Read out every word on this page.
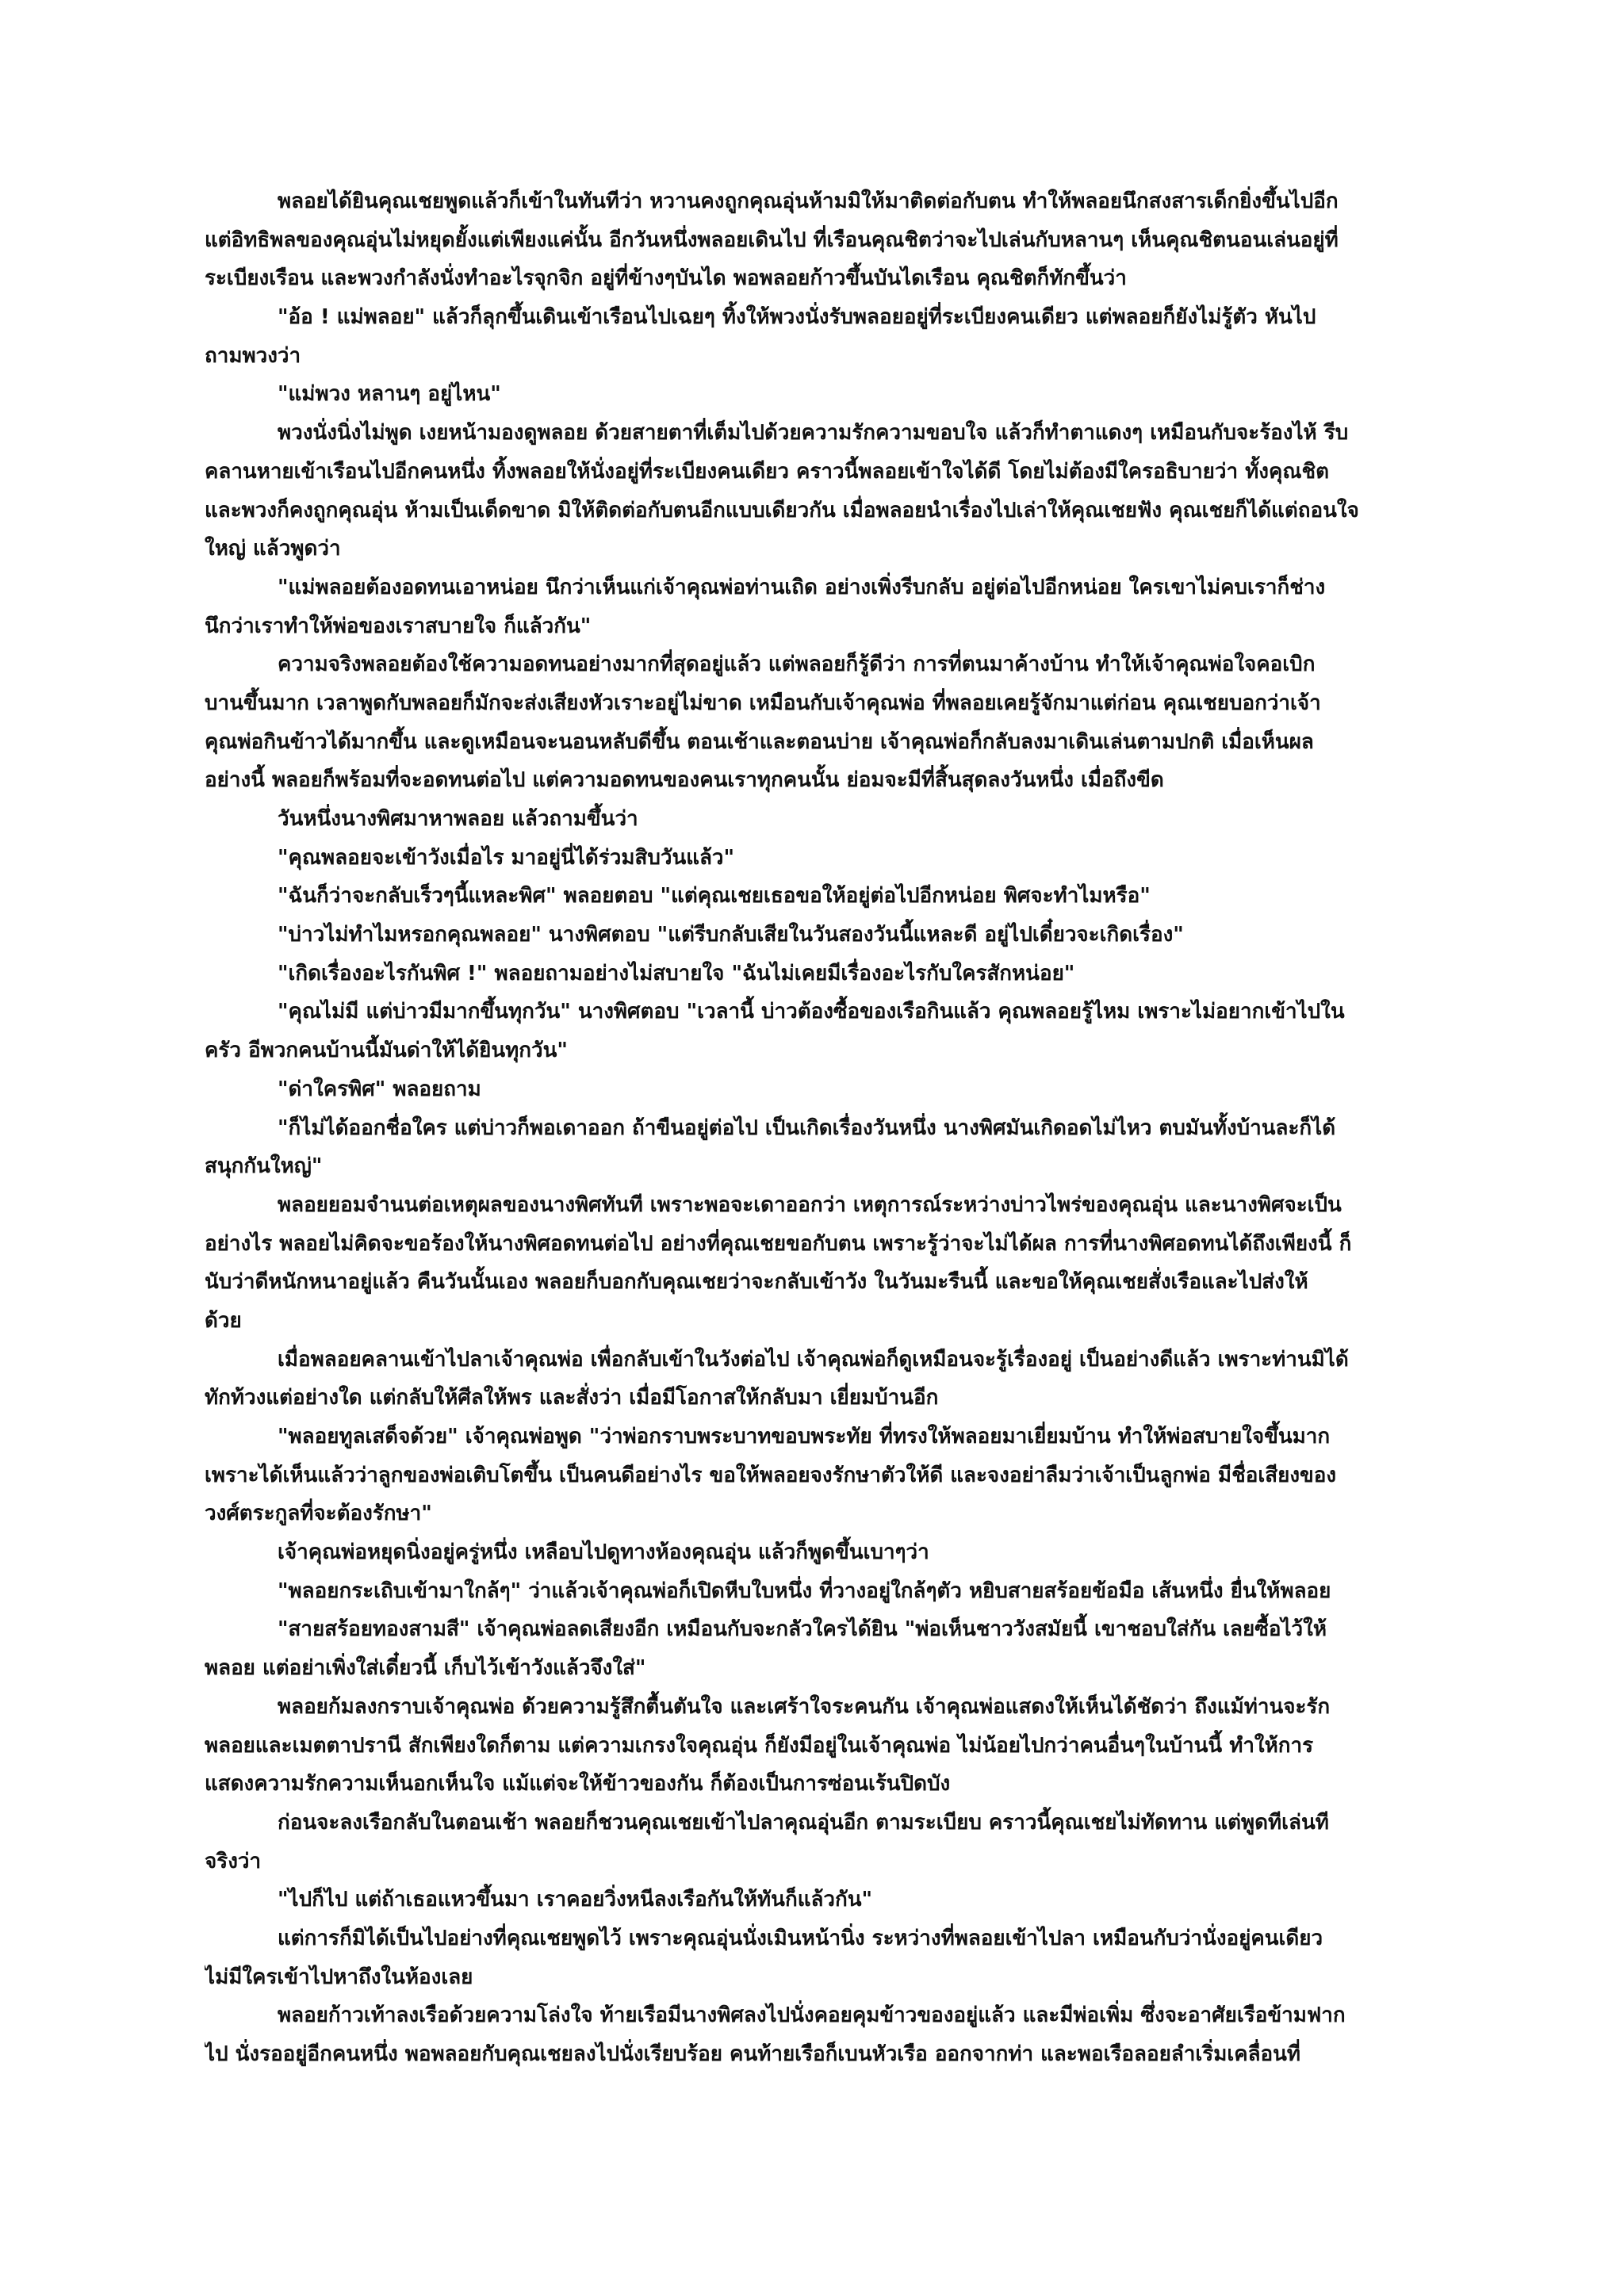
พลอยได้ยินคุณเชยพูดแล้วก็เข้าในทันทีว่า หวานคงถูกคุณอุ่นห้ามมิให้มาติดต่อกับตน ทำให้พลอยนึกสงสารเด็กยิ่งขึ้นไปอีก
แต่อิทธิพลของคุณอุ่นไม่หยุดยั้งแต่เพียงแค่นั้น อีกวันหนึ่งพลอยเดินไป ที่เรือนคุณชิตว่าจะไปเล่นกับหลานๆ เห็นคุณชิตนอนเล่นอยู่ที่
ระเบียงเรือน และพวงกำลังนั่งทำอะไรจุกจิก อยู่ที่ข้างๆบันได พอพลอยก้าวขึ้นบันไดเรือน คุณชิตก็ทักขึ้นว่า
"อ้อ ! แม่พลอย" แล้วก็ลุกขึ้นเดินเข้าเรือนไปเฉยๆ ทิ้งให้พวงนั่งรับพลอยอยู่ที่ระเบียงคนเดียว แต่พลอยก็ยังไม่รู้ตัว หันไป
ถามพวงว่า
"แม่พวง หลานๆ อยู่ไหน"
พวงนั่งนิ่งไม่พูด เงยหน้ามองดูพลอย ด้วยสายตาที่เต็มไปด้วยความรักความขอบใจ แล้วก็ทำตาแดงๆ เหมือนกับจะร้องไห้ รีบ
คลานหายเข้าเรือนไปอีกคนหนึ่ง ทิ้งพลอยให้นั่งอยู่ที่ระเบียงคนเดียว คราวนี้พลอยเข้าใจได้ดี โดยไม่ต้องมีใครอธิบายว่า ทั้งคุณชิต
และพวงก็คงถูกคุณอุ่น ห้ามเป็นเด็ดขาด มิให้ติดต่อกับตนอีกแบบเดียวกัน เมื่อพลอยนำเรื่องไปเล่าให้คุณเชยฟัง คุณเชยก็ได้แต่ถอนใจ
ใหญ่ แล้วพูดว่า
"แม่พลอยต้องอดทนเอาหน่อย นึกว่าเห็นแก่เจ้าคุณพ่อท่านเถิด อย่างเพิ่งรีบกลับ อยู่ต่อไปอีกหน่อย ใครเขาไม่คบเราก็ช่าง
นึกว่าเราทำให้พ่อของเราสบายใจ ก็แล้วกัน"
ความจริงพลอยต้องใช้ความอดทนอย่างมากที่สุดอยู่แล้ว แต่พลอยก็รู้ดีว่า การที่ตนมาค้างบ้าน ทำให้เจ้าคุณพ่อใจคอเบิก
บานขึ้นมาก เวลาพูดกับพลอยก็มักจะส่งเสียงหัวเราะอยู่ไม่ขาด เหมือนกับเจ้าคุณพ่อ ที่พลอยเคยรู้จักมาแต่ก่อน คุณเชยบอกว่าเจ้า
คุณพ่อกินข้าวได้มากขึ้น และดูเหมือนจะนอนหลับดีขึ้น ตอนเช้าและตอนบ่าย เจ้าคุณพ่อก็กลับลงมาเดินเล่นตามปกติ เมื่อเห็นผล
อย่างนี้ พลอยก็พร้อมที่จะอดทนต่อไป แต่ความอดทนของคนเราทุกคนนั้น ย่อมจะมีที่สิ้นสุดลงวันหนึ่ง เมื่อถึงขีด
วันหนึ่งนางพิศมาหาพลอย แล้วถามขึ้นว่า
"คุณพลอยจะเข้าวังเมื่อไร มาอยู่นี่ได้ร่วมสิบวันแล้ว"
"ฉันก็ว่าจะกลับเร็วๆนี้แหละพิศ" พลอยตอบ "แต่คุณเชยเธอขอให้อยู่ต่อไปอีกหน่อย พิศจะทำไมหรือ"
"บ่าวไม่ทำไมหรอกคุณพลอย" นางพิศตอบ "แต่รีบกลับเสียในวันสองวันนี้แหละดี อยู่ไปเดี๋ยวจะเกิดเรื่อง"
"เกิดเรื่องอะไรกันพิศ !" พลอยถามอย่างไม่สบายใจ "ฉันไม่เคยมีเรื่องอะไรกับใครสักหน่อย"
"คุณไม่มี แต่บ่าวมีมากขึ้นทุกวัน" นางพิศตอบ "เวลานี้ บ่าวต้องซื้อของเรือกินแล้ว คุณพลอยรู้ไหม เพราะไม่อยากเข้าไปใน
ครัว อีพวกคนบ้านนี้มันด่าให้ได้ยินทุกวัน"
"ด่าใครพิศ" พลอยถาม
"ก็ไม่ได้ออกชื่อใคร แต่บ่าวก็พอเดาออก ถ้าขืนอยู่ต่อไป เป็นเกิดเรื่องวันหนึ่ง นางพิศมันเกิดอดไม่ไหว ตบมันทั้งบ้านละก็ได้
สนุกกันใหญ่"
พลอยยอมจำนนต่อเหตุผลของนางพิศทันที เพราะพอจะเดาออกว่า เหตุการณ์ระหว่างบ่าวไพร่ของคุณอุ่น และนางพิศจะเป็น
อย่างไร พลอยไม่คิดจะขอร้องให้นางพิศอดทนต่อไป อย่างที่คุณเชยขอกับตน เพราะรู้ว่าจะไม่ได้ผล การที่นางพิศอดทนได้ถึงเพียงนี้ ก็
นับว่าดีหนักหนาอยู่แล้ว คืนวันนั้นเอง พลอยก็บอกกับคุณเชยว่าจะกลับเข้าวัง ในวันมะรืนนี้ และขอให้คุณเชยสั่งเรือและไปส่งให้
ด้วย
เมื่อพลอยคลานเข้าไปลาเจ้าคุณพ่อ เพื่อกลับเข้าในวังต่อไป เจ้าคุณพ่อก็ดูเหมือนจะรู้เรื่องอยู่ เป็นอย่างดีแล้ว เพราะท่านมิได้
ทักท้วงแต่อย่างใด แต่กลับให้ศีลให้พร และสั่งว่า เมื่อมีโอกาสให้กลับมา เยี่ยมบ้านอีก
"พลอยทูลเสด็จด้วย" เจ้าคุณพ่อพูด "ว่าพ่อกราบพระบาทขอบพระทัย ที่ทรงให้พลอยมาเยี่ยมบ้าน ทำให้พ่อสบายใจขึ้นมาก
เพราะได้เห็นแล้วว่าลูกของพ่อเติบโตขึ้น เป็นคนดีอย่างไร ขอให้พลอยจงรักษาตัวให้ดี และจงอย่าลืมว่าเจ้าเป็นลูกพ่อ มีชื่อเสียงของ
วงศ์ตระกูลที่จะต้องรักษา"
เจ้าคุณพ่อหยุดนิ่งอยู่ครู่หนึ่ง เหลือบไปดูทางห้องคุณอุ่น แล้วก็พูดขึ้นเบาๆว่า
"พลอยกระเถิบเข้ามาใกล้ๆ" ว่าแล้วเจ้าคุณพ่อก็เปิดหีบใบหนึ่ง ที่วางอยู่ใกล้ๆตัว หยิบสายสร้อยข้อมือ เส้นหนึ่ง ยื่นให้พลอย
"สายสร้อยทองสามสี" เจ้าคุณพ่อลดเสียงอีก เหมือนกับจะกลัวใครได้ยิน "พ่อเห็นชาววังสมัยนี้ เขาชอบใส่กัน เลยซื้อไว้ให้
พลอย แต่อย่าเพิ่งใส่เดี๋ยวนี้ เก็บไว้เข้าวังแล้วจึงใส่"
พลอยก้มลงกราบเจ้าคุณพ่อ ด้วยความรู้สึกตื้นตันใจ และเศร้าใจระคนกัน เจ้าคุณพ่อแสดงให้เห็นได้ชัดว่า ถึงแม้ท่านจะรัก
พลอยและเมตตาปรานี สักเพียงใดก็ตาม แต่ความเกรงใจคุณอุ่น ก็ยังมีอยู่ในเจ้าคุณพ่อ ไม่น้อยไปกว่าคนอื่นๆในบ้านนี้ ทำให้การ
แสดงความรักความเห็นอกเห็นใจ แม้แต่จะให้ข้าวของกัน ก็ต้องเป็นการซ่อนเร้นปิดบัง
ก่อนจะลงเรือกลับในตอนเช้า พลอยก็ชวนคุณเชยเข้าไปลาคุณอุ่นอีก ตามระเบียบ คราวนี้คุณเชยไม่ทัดทาน แต่พูดทีเล่นที
จริงว่า
"ไปก็ไป แต่ถ้าเธอแหวขึ้นมา เราคอยวิ่งหนีลงเรือกันให้ทันก็แล้วกัน"
แต่การก็มิได้เป็นไปอย่างที่คุณเชยพูดไว้ เพราะคุณอุ่นนั่งเมินหน้านิ่ง ระหว่างที่พลอยเข้าไปลา เหมือนกับว่านั่งอยู่คนเดียว
ไม่มีใครเข้าไปหาถึงในห้องเลย
พลอยก้าวเท้าลงเรือด้วยความโล่งใจ ท้ายเรือมีนางพิศลงไปนั่งคอยคุมข้าวของอยู่แล้ว และมีพ่อเพิ่ม ซึ่งจะอาศัยเรือข้ามฟาก
ไป นั่งรออยู่อีกคนหนึ่ง พอพลอยกับคุณเชยลงไปนั่งเรียบร้อย คนท้ายเรือก็เบนหัวเรือ ออกจากท่า และพอเรือลอยลำเริ่มเคลื่อนที่
